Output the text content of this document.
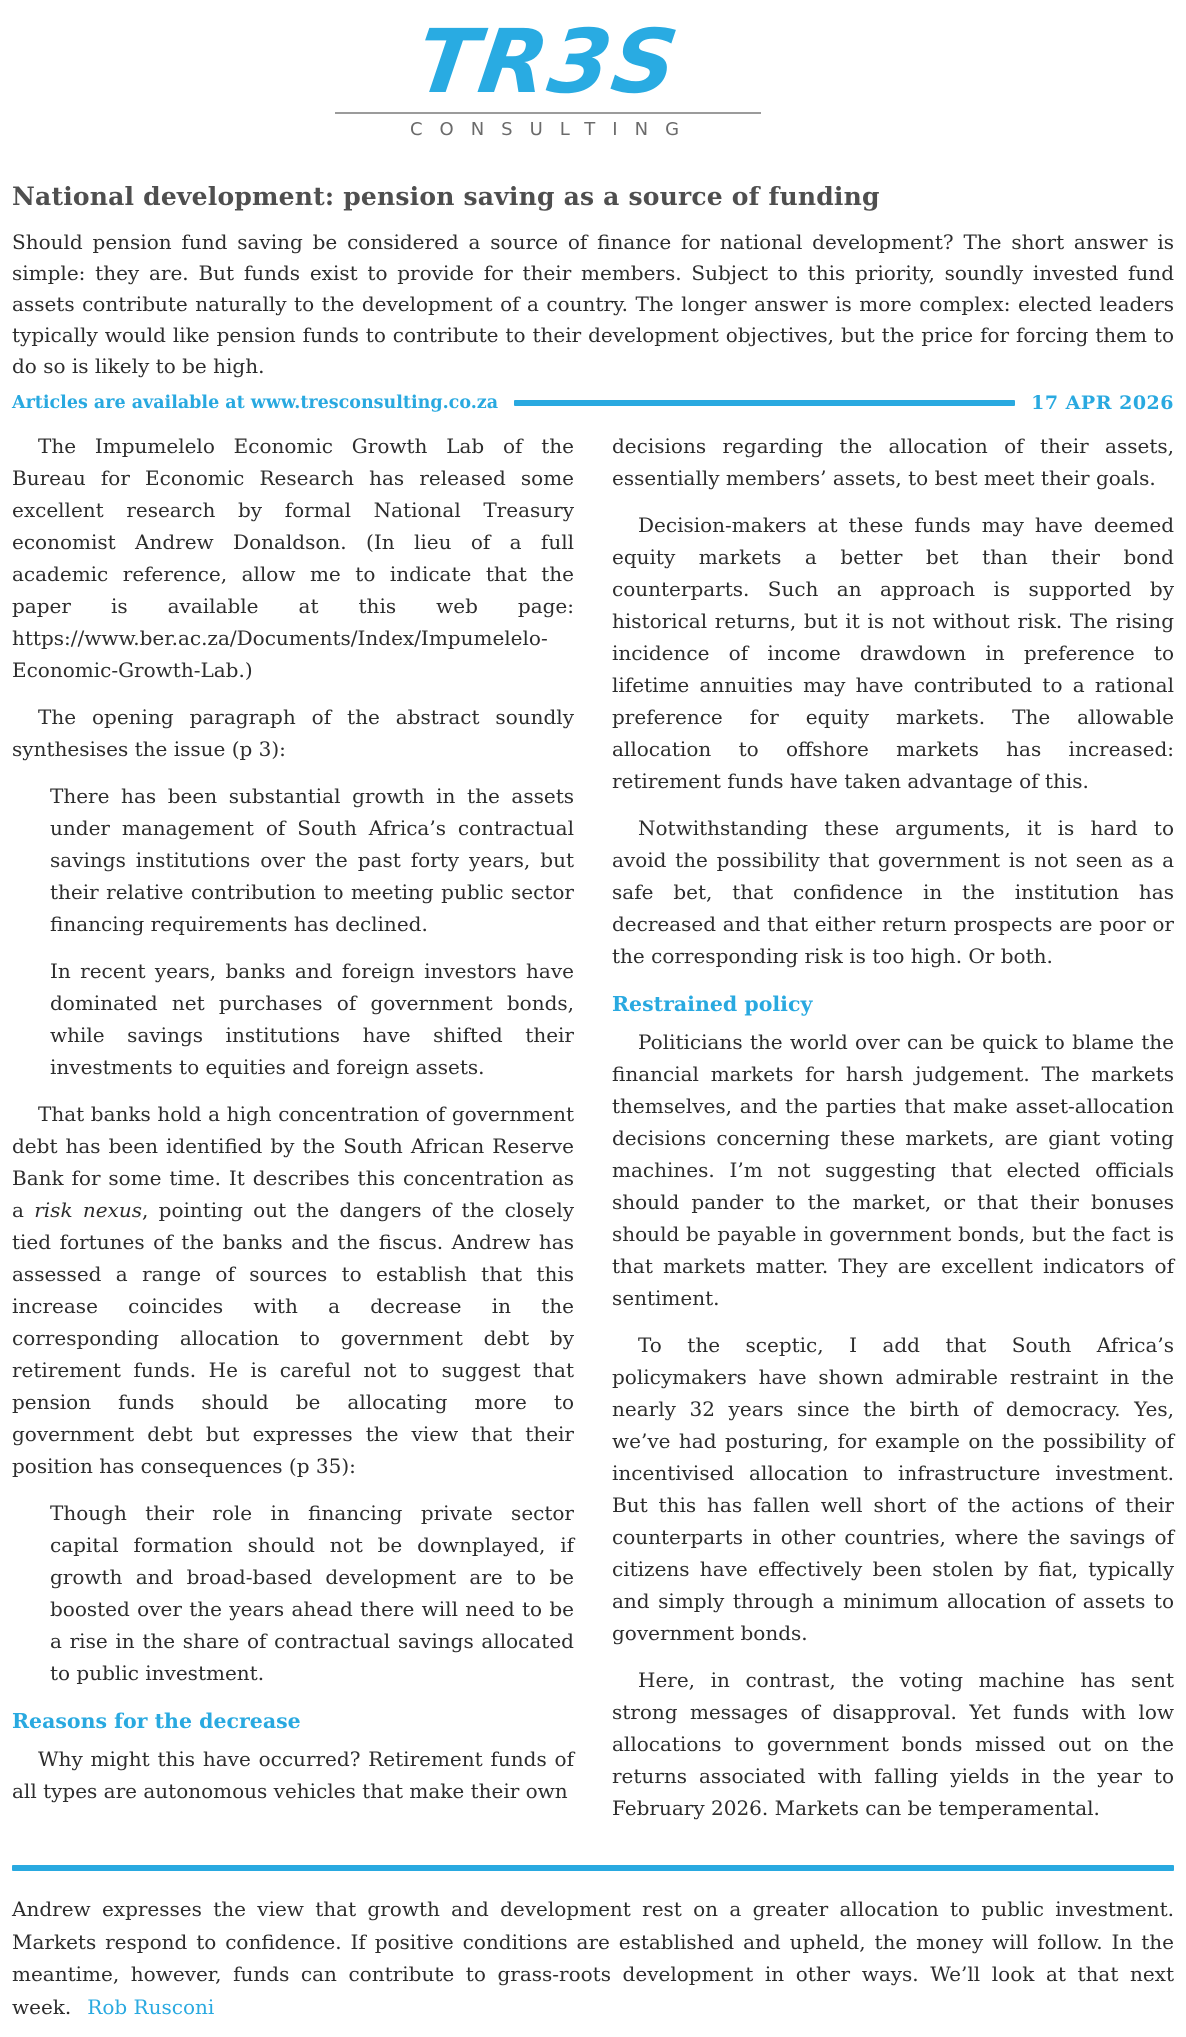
TR3S
CONSULTING
National development: pension saving as a source of funding

Should pension fund saving be considered a source of finance for national development? The short answer is simple: they are. But funds exist to provide for their members. Subject to this priority, soundly invested fund assets contribute naturally to the development of a country. The longer answer is more complex: elected leaders typically would like pension funds to contribute to their development objectives, but the price for forcing them to do so is likely to be high.

Articles are available at www.tresconsulting.co.za	17 APR 2026

The Impumelelo Economic Growth Lab of the Bureau for Economic Research has released some excellent research by formal National Treasury economist Andrew Donaldson. (In lieu of a full academic reference, allow me to indicate that the paper is available at this web page: https://www.ber.ac.za/Documents/Index/Impumelelo-Economic-Growth-Lab.)

The opening paragraph of the abstract soundly synthesises the issue (p 3):

There has been substantial growth in the assets under management of South Africa’s contractual savings institutions over the past forty years, but their relative contribution to meeting public sector financing requirements has declined.

In recent years, banks and foreign investors have dominated net purchases of government bonds, while savings institutions have shifted their investments to equities and foreign assets.

That banks hold a high concentration of government debt has been identified by the South African Reserve Bank for some time. It describes this concentration as a risk nexus, pointing out the dangers of the closely tied fortunes of the banks and the fiscus. Andrew has assessed a range of sources to establish that this increase coincides with a decrease in the corresponding allocation to government debt by retirement funds. He is careful not to suggest that pension funds should be allocating more to government debt but expresses the view that their position has consequences (p 35):

Though their role in financing private sector capital formation should not be downplayed, if growth and broad-based development are to be boosted over the years ahead there will need to be a rise in the share of contractual savings allocated to public investment.

Reasons for the decrease

Why might this have occurred? Retirement funds of all types are autonomous vehicles that make their own

decisions regarding the allocation of their assets, essentially members’ assets, to best meet their goals.

Decision-makers at these funds may have deemed equity markets a better bet than their bond counterparts. Such an approach is supported by historical returns, but it is not without risk. The rising incidence of income drawdown in preference to lifetime annuities may have contributed to a rational preference for equity markets. The allowable allocation to offshore markets has increased: retirement funds have taken advantage of this.

Notwithstanding these arguments, it is hard to avoid the possibility that government is not seen as a safe bet, that confidence in the institution has decreased and that either return prospects are poor or the corresponding risk is too high. Or both.

Restrained policy

Politicians the world over can be quick to blame the financial markets for harsh judgement. The markets themselves, and the parties that make asset-allocation decisions concerning these markets, are giant voting machines. I’m not suggesting that elected officials should pander to the market, or that their bonuses should be payable in government bonds, but the fact is that markets matter. They are excellent indicators of sentiment.

To the sceptic, I add that South Africa’s policymakers have shown admirable restraint in the nearly 32 years since the birth of democracy. Yes, we’ve had posturing, for example on the possibility of incentivised allocation to infrastructure investment. But this has fallen well short of the actions of their counterparts in other countries, where the savings of citizens have effectively been stolen by fiat, typically and simply through a minimum allocation of assets to government bonds.

Here, in contrast, the voting machine has sent strong messages of disapproval. Yet funds with low allocations to government bonds missed out on the returns associated with falling yields in the year to February 2026. Markets can be temperamental.

Andrew expresses the view that growth and development rest on a greater allocation to public investment. Markets respond to confidence. If positive conditions are established and upheld, the money will follow. In the meantime, however, funds can contribute to grass-roots development in other ways. We’ll look at that next week. Rob Rusconi
